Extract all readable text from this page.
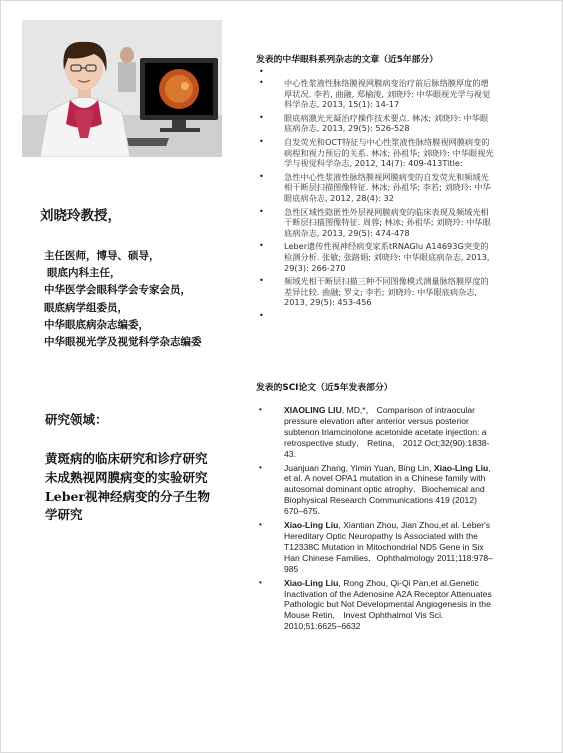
刘晓玲教授，
主任医师，博导、硕导，
眼底内科主任，
中华医学会眼科学会专家会员，
眼底病学组委员，
中华眼底病杂志编委，
中华眼视光学及视觉科学杂志编委
研究领域：
黄斑病的临床研究和诊疗研究
未成熟视网膜病变的实验研究
Leber视神经病变的分子生物学研究
发表的中华眼科系列杂志的文章（近5年部分）
•
• 中心性浆液性脉络膜视网膜病变治疗前后脉络膜厚度的增厚状况. 李若, 曲融, 郑榆浚, 刘晓玲: 中华眼视光学与视觉科学杂志, 2013, 15(1): 14-17
• 眼底病激光光凝治疗操作技术要点. 林冰; 刘晓玲: 中华眼底病杂志, 2013, 29(5): 526-528
• 自发荧光和OCT特征与中心性浆液性脉络膜视网膜病变的病程和视力预后的关系. 林冰; 孙祖华; 刘晓玲: 中华眼视光学与视觉科学杂志, 2012, 14(7): 409-413Title:
• 急性中心性浆液性脉络膜视网膜病变的自发荧光和频域光相干断层扫描图像特征. 林冰; 孙祖华; 李若; 刘晓玲: 中华眼底病杂志, 2012, 28(4): 32
• 急性区域性隐匿性外层视网膜病变的临床表现及频域光相干断层扫描图像特征. 周蓉; 林冰; 孙祖华; 刘晓玲: 中华眼底病杂志, 2013, 29(5): 474-478
• Leber遗传性视神经病变家系tRNAGlu A14693G突变的检测分析. 张敏; 张路娟; 刘晓玲: 中华眼底病杂志, 2013, 29(3): 266-270
• 频域光相干断层扫描三种不同图像模式测量脉络膜厚度的差异比较. 曲融; 罗文; 李若; 刘晓玲: 中华眼底病杂志, 2013, 29(5): 453-456
•
发表的SCI论文（近5年发表部分）
• XIAOLING LIU, MD,*， Comparison of intraocular pressure elevation after anterior versus posterior subtenon triamcinolone acetonide acetate injection: a retrospective study． Retina， 2012 Oct;32(90):1838-43.
• Juanjuan Zhang, Yimin Yuan, Bing Lin, Xiao-Ling Liu, et al. A novel OPA1 mutation in a Chinese family with autosomal dominant optic atrophy．Biochemical and Biophysical Research Communications 419 (2012) 670–675.
• Xiao-Ling Liu, Xiantian Zhou, Jian Zhou,et al. Leber's Hereditary Optic Neuropathy Is Associated with the T12338C Mutation in Mitochondrial ND5 Gene in Six Han Chinese Families．Ophthalmology 2011;118:978–985
• Xiao-Ling Liu, Rong Zhou, Qi-Qi Pan,et al.Genetic Inactivation of the Adenosine A2A Receptor Attenuates Pathologic but Not Developmental Angiogenesis in the Mouse Retin． Invest Ophthalmol Vis Sci. 2010;51:6625–6632
